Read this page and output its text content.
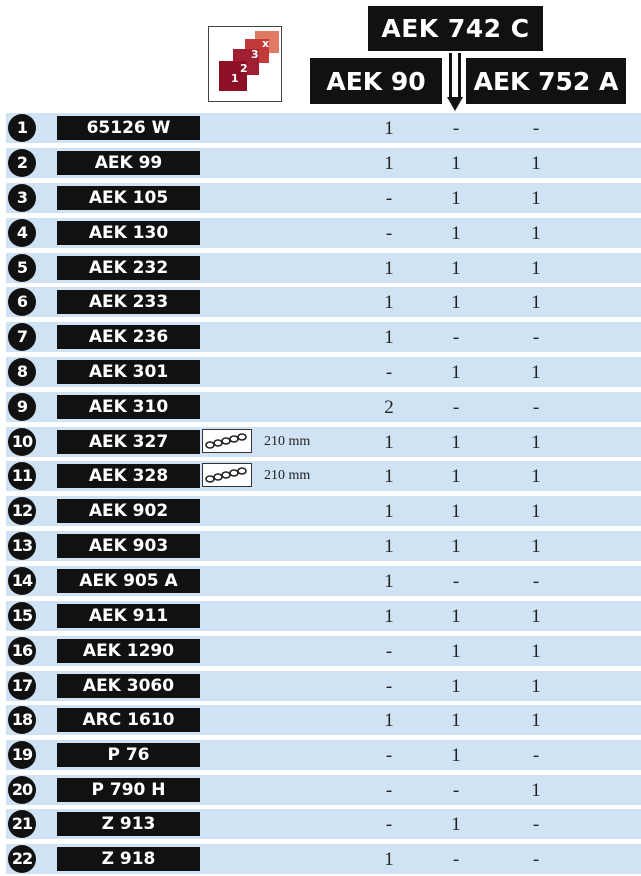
1
2
3
x
AEK 742 C
AEK 90	AEK 752 A
1	65126 W	1	-	-
2	AEK 99	1	1	1
3	AEK 105	-	1	1
4	AEK 130	-	1	1
5	AEK 232	1	1	1
6	AEK 233	1	1	1
7	AEK 236	1	-	-
8	AEK 301	-	1	1
9	AEK 310	2	-	-
10	AEK 327	210 mm	1	1	1
11	AEK 328	210 mm	1	1	1
12	AEK 902	1	1	1
13	AEK 903	1	1	1
14	AEK 905 A	1	-	-
15	AEK 911	1	1	1
16	AEK 1290	-	1	1
17	AEK 3060	-	1	1
18	ARC 1610	1	1	1
19	P 76	-	1	-
20	P 790 H	-	-	1
21	Z 913	-	1	-
22	Z 918	1	-	-
